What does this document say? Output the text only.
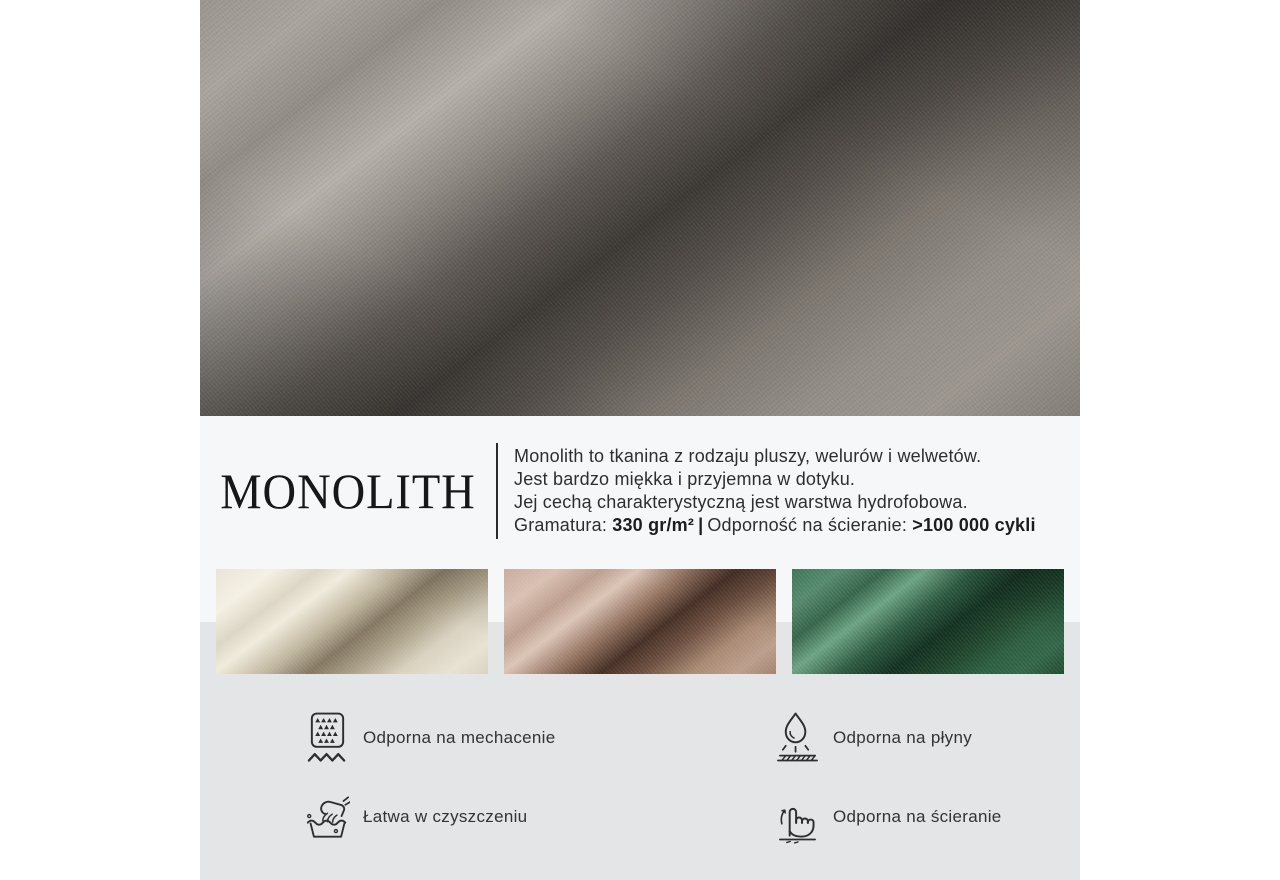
MONOLITH

Monolith to tkanina z rodzaju pluszy, welurów i welwetów.

Jest bardzo miękka i przyjemna w dotyku.

Jej cechą charakterystyczną jest warstwa hydrofobowa.

Gramatura: 330 gr/m² | Odporność na ścieranie: >100 000 cykli

Odporna na mechacenie	Odporna na płyny
Łatwa w czyszczeniu	Odporna na ścieranie
